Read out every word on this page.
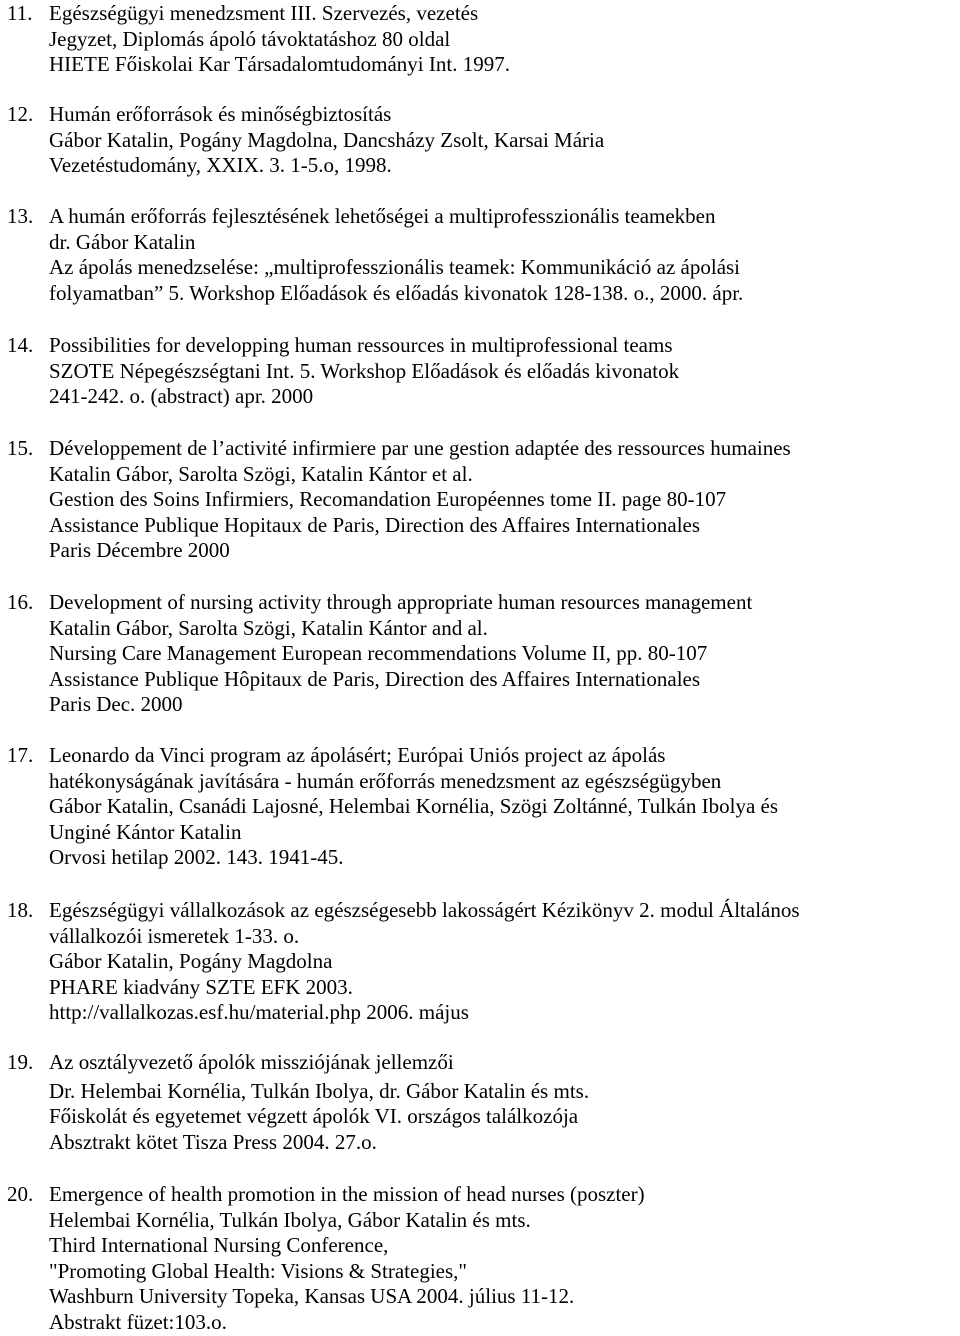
11. Egészségügyi menedzsment III. Szervezés, vezetés
Jegyzet, Diplomás ápoló távoktatáshoz 80 oldal
HIETE Főiskolai Kar Társadalomtudományi Int. 1997.
12. Humán erőforrások és minőségbiztosítás
Gábor Katalin, Pogány Magdolna, Dancsházy Zsolt, Karsai Mária
Vezetéstudomány, XXIX. 3. 1-5.o, 1998.
13. A humán erőforrás fejlesztésének lehetőségei a multiprofesszionális teamekben
dr. Gábor Katalin
Az ápolás menedzselése: „multiprofesszionális teamek: Kommunikáció az ápolási
folyamatban” 5. Workshop Előadások és előadás kivonatok 128-138. o., 2000. ápr.
14. Possibilities for developping human ressources in multiprofessional teams
SZOTE Népegészségtani Int. 5. Workshop Előadások és előadás kivonatok
241-242. o. (abstract) apr. 2000
15. Développement de l’activité infirmiere par une gestion adaptée des ressources humaines
Katalin Gábor, Sarolta Szögi, Katalin Kántor et al.
Gestion des Soins Infirmiers, Recomandation Européennes tome II. page 80-107
Assistance Publique Hopitaux de Paris, Direction des Affaires Internationales
Paris Décembre 2000
16. Development of nursing activity through appropriate human resources management
Katalin Gábor, Sarolta Szögi, Katalin Kántor and al.
Nursing Care Management European recommendations Volume II, pp. 80-107
Assistance Publique Hôpitaux de Paris, Direction des Affaires Internationales
Paris Dec. 2000
17. Leonardo da Vinci program az ápolásért; Európai Uniós project az ápolás
hatékonyságának javítására - humán erőforrás menedzsment az egészségügyben
Gábor Katalin, Csanádi Lajosné, Helembai Kornélia, Szögi Zoltánné, Tulkán Ibolya és
Unginé Kántor Katalin
Orvosi hetilap 2002. 143. 1941-45.
18. Egészségügyi vállalkozások az egészségesebb lakosságért Kézikönyv 2. modul Általános
vállalkozói ismeretek 1-33. o.
Gábor Katalin, Pogány Magdolna
PHARE kiadvány SZTE EFK 2003.
http://vallalkozas.esf.hu/material.php 2006. május
19. Az osztályvezető ápolók missziójának jellemzői
Dr. Helembai Kornélia, Tulkán Ibolya, dr. Gábor Katalin és mts.
Főiskolát és egyetemet végzett ápolók VI. országos találkozója
Absztrakt kötet Tisza Press 2004. 27.o.
20. Emergence of health promotion in the mission of head nurses (poszter)
Helembai Kornélia, Tulkán Ibolya, Gábor Katalin és mts.
Third International Nursing Conference,
"Promoting Global Health: Visions & Strategies,"
Washburn University Topeka, Kansas USA 2004. július 11-12.
Abstrakt füzet:103.o.
